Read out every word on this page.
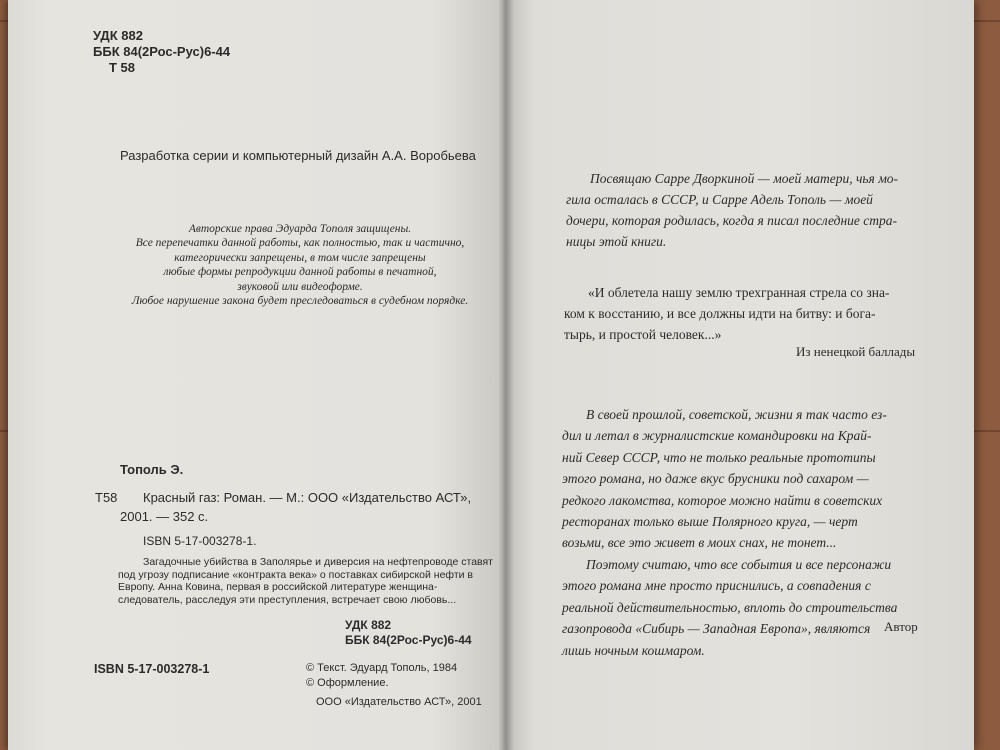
УДК 882
ББК 84(2Рос-Рус)6-44
Т 58
Разработка серии и компьютерный дизайн А.А. Воробьева
Авторские права Эдуарда Тополя защищены.
Все перепечатки данной работы, как полностью, так и частично,
категорически запрещены, в том числе запрещены
любые формы репродукции данной работы в печатной,
звуковой или видеоформе.
Любое нарушение закона будет преследоваться в судебном порядке.
Тополь Э.
Т58 Красный газ: Роман. — М.: ООО «Издательство АСТ»,
2001. — 352 с.
ISBN 5-17-003278-1.
Загадочные убийства в Заполярье и диверсия на нефтепроводе ставят
под угрозу подписание «контракта века» о поставках сибирской нефти в
Европу. Анна Ковина, первая в российской литературе женщина-
следователь, расследуя эти преступления, встречает свою любовь...
УДК 882
ББК 84(2Рос-Рус)6-44
ISBN 5-17-003278-1	© Текст. Эдуард Тополь, 1984
© Оформление.
ООО «Издательство АСТ», 2001
Посвящаю Сарре Дворкиной — моей матери, чья мо-
гила осталась в СССР, и Сарре Адель Тополь — моей
дочери, которая родилась, когда я писал последние стра-
ницы этой книги.
«И облетела нашу землю трехгранная стрела со зна-
ком к восстанию, и все должны идти на битву: и бога-
тырь, и простой человек...»
Из ненецкой баллады
В своей прошлой, советской, жизни я так часто ез-
дил и летал в журналистские командировки на Край-
ний Север СССР, что не только реальные прототипы
этого романа, но даже вкус брусники под сахаром —
редкого лакомства, которое можно найти в советских
ресторанах только выше Полярного круга, — черт
возьми, все это живет в моих снах, не тонет...
Поэтому считаю, что все события и все персонажи
этого романа мне просто приснились, а совпадения с
реальной действительностью, вплоть до строительства
газопровода «Сибирь — Западная Европа», являются
лишь ночным кошмаром.
Автор
